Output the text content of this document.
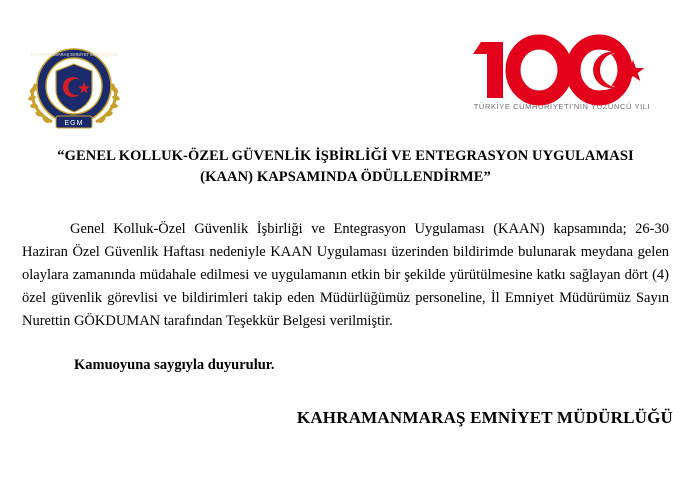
KAHRAMANMARAŞ EMNİYET MÜDÜRLÜĞÜ
EGM
TÜRKİYE CUMHURİYETİ'NİN YÜZÜNCÜ YILI
“GENEL KOLLUK-ÖZEL GÜVENLİK İŞBİRLİĞİ VE ENTEGRASYON UYGULAMASI
(KAAN) KAPSAMINDA ÖDÜLLENDİRME”

Genel Kolluk-Özel Güvenlik İşbirliği ve Entegrasyon Uygulaması (KAAN) kapsamında; 26-30 Haziran Özel Güvenlik Haftası nedeniyle KAAN Uygulaması üzerinden bildirimde bulunarak meydana gelen olaylara zamanında müdahale edilmesi ve uygulamanın etkin bir şekilde yürütülmesine katkı sağlayan dört (4) özel güvenlik görevlisi ve bildirimleri takip eden Müdürlüğümüz personeline, İl Emniyet Müdürümüz Sayın Nurettin GÖKDUMAN tarafından Teşekkür Belgesi verilmiştir.

Kamuoyuna saygıyla duyurulur.

KAHRAMANMARAŞ EMNİYET MÜDÜRLÜĞÜ
